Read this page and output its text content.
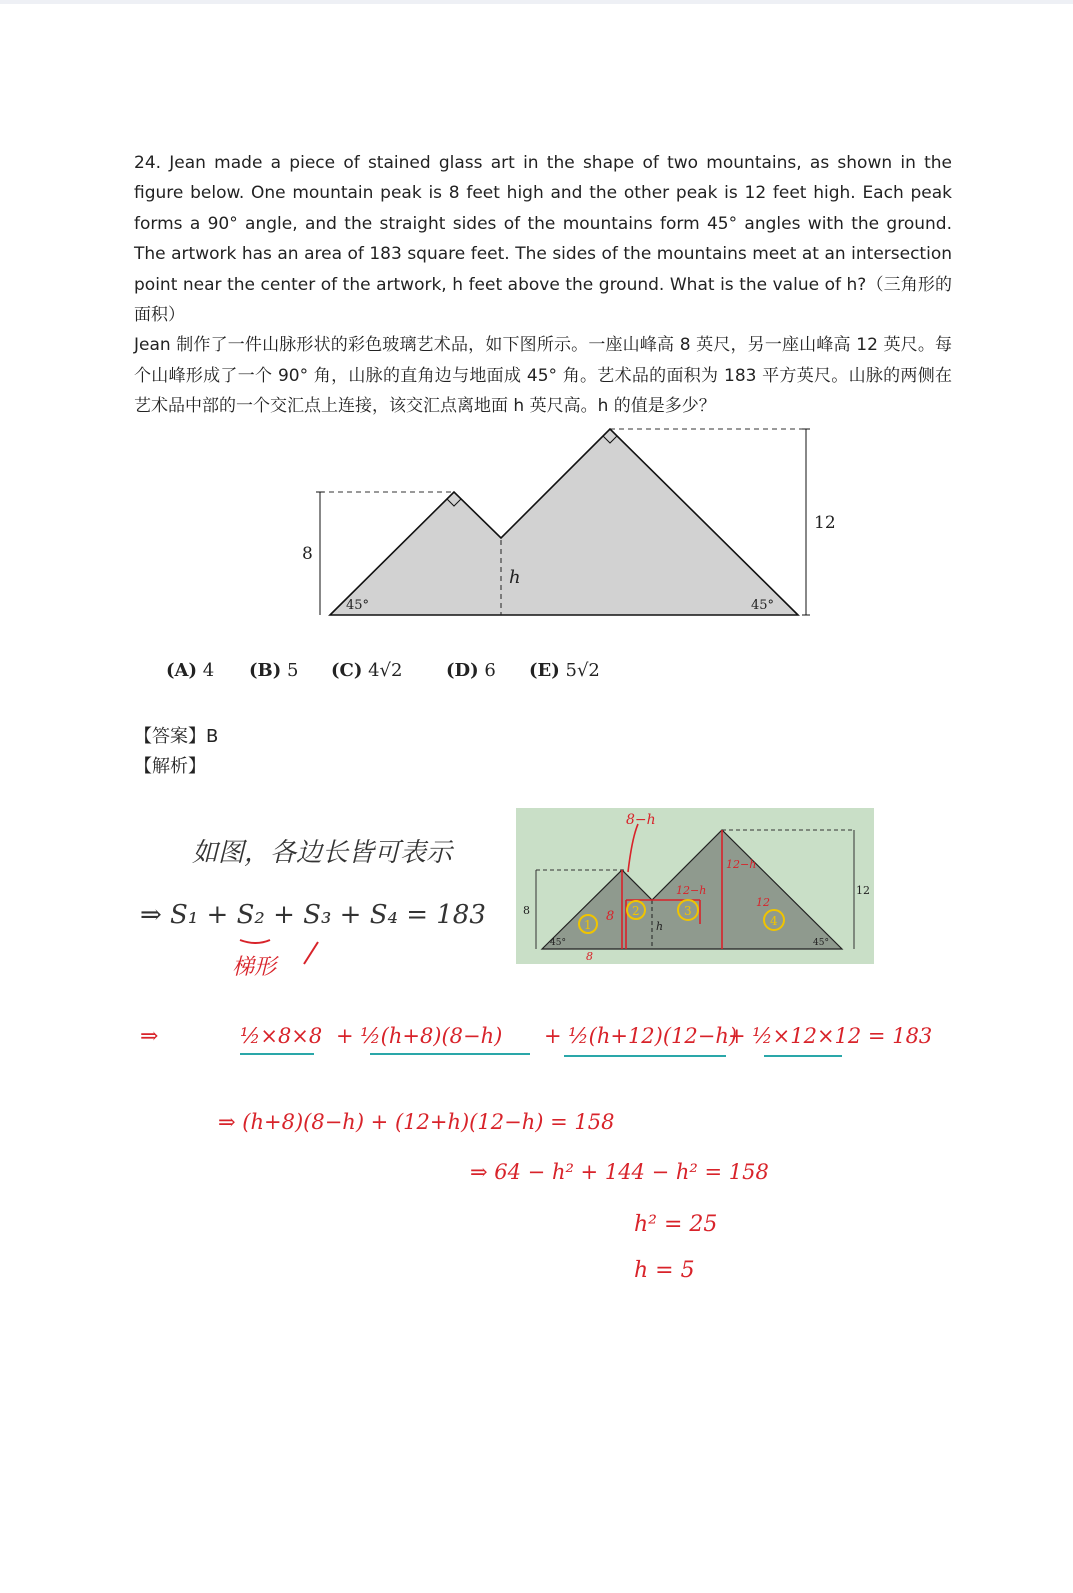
24. Jean made a piece of stained glass art in the shape of two mountains, as shown in the figure below. One mountain peak is 8 feet high and the other peak is 12 feet high. Each peak forms a 90° angle, and the straight sides of the mountains form 45° angles with the ground. The artwork has an area of 183 square feet. The sides of the mountains meet at an intersection point near the center of the artwork, h feet above the ground. What is the value of h?（三角形的面积）

Jean 制作了一件山脉形状的彩色玻璃艺术品，如下图所示。一座山峰高 8 英尺，另一座山峰高 12 英尺。每个山峰形成了一个 90° 角，山脉的直角边与地面成 45° 角。艺术品的面积为 183 平方英尺。山脉的两侧在艺术品中部的一个交汇点上连接，该交汇点离地面 h 英尺高。h 的值是多少？

8
12
h
45°	45°
(A) 4 (B) 5 (C) 4√2 (D) 6 (E) 5√2
【答案】B
【解析】
如图，各边长皆可表示
⇒ S₁ + S₂ + S₃ + S₄ = 183
梯形
⇒	½×8×8 + ½(h+8)(8−h) + ½(h+12)(12−h)
+ ½×12×12 = 183
⇒ (h+8)(8−h) + (12+h)(12−h) = 158
⇒ 64 − h² + 144 − h² = 158
h² = 25
h = 5
1
2	3
4
8−h
12−h
12−h
12
8
8
8
12
h
45°	45°
